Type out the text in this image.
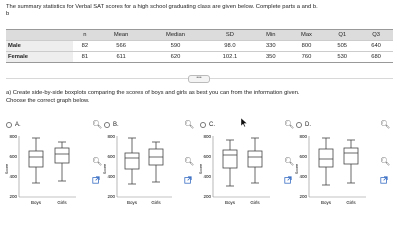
The summary statistics for Verbal SAT scores for a high school graduating class are given below. Complete parts a and b.
b
	n	Mean	Median	SD	Min	Max	Q1	Q3
Male	82	566	590	98.0	330	800	505	640
Female	81	611	620	102.1	350	760	530	680
•••
a) Create side-by-side boxplots comparing the scores of boys and girls as best you can from the information given.
Choose the correct graph below.
A.	🔍︎
🔍︎
Score
800
600
400
200
Boys	Girls
B.	🔍︎
🔍︎
Score
800
600
400
200
Boys	Girls
C.	🔍︎
🔍︎
Score
800
600
400
200
Boys	Girls
D.	🔍︎
🔍︎
Score
800
600
400
200
Boys	Girls
